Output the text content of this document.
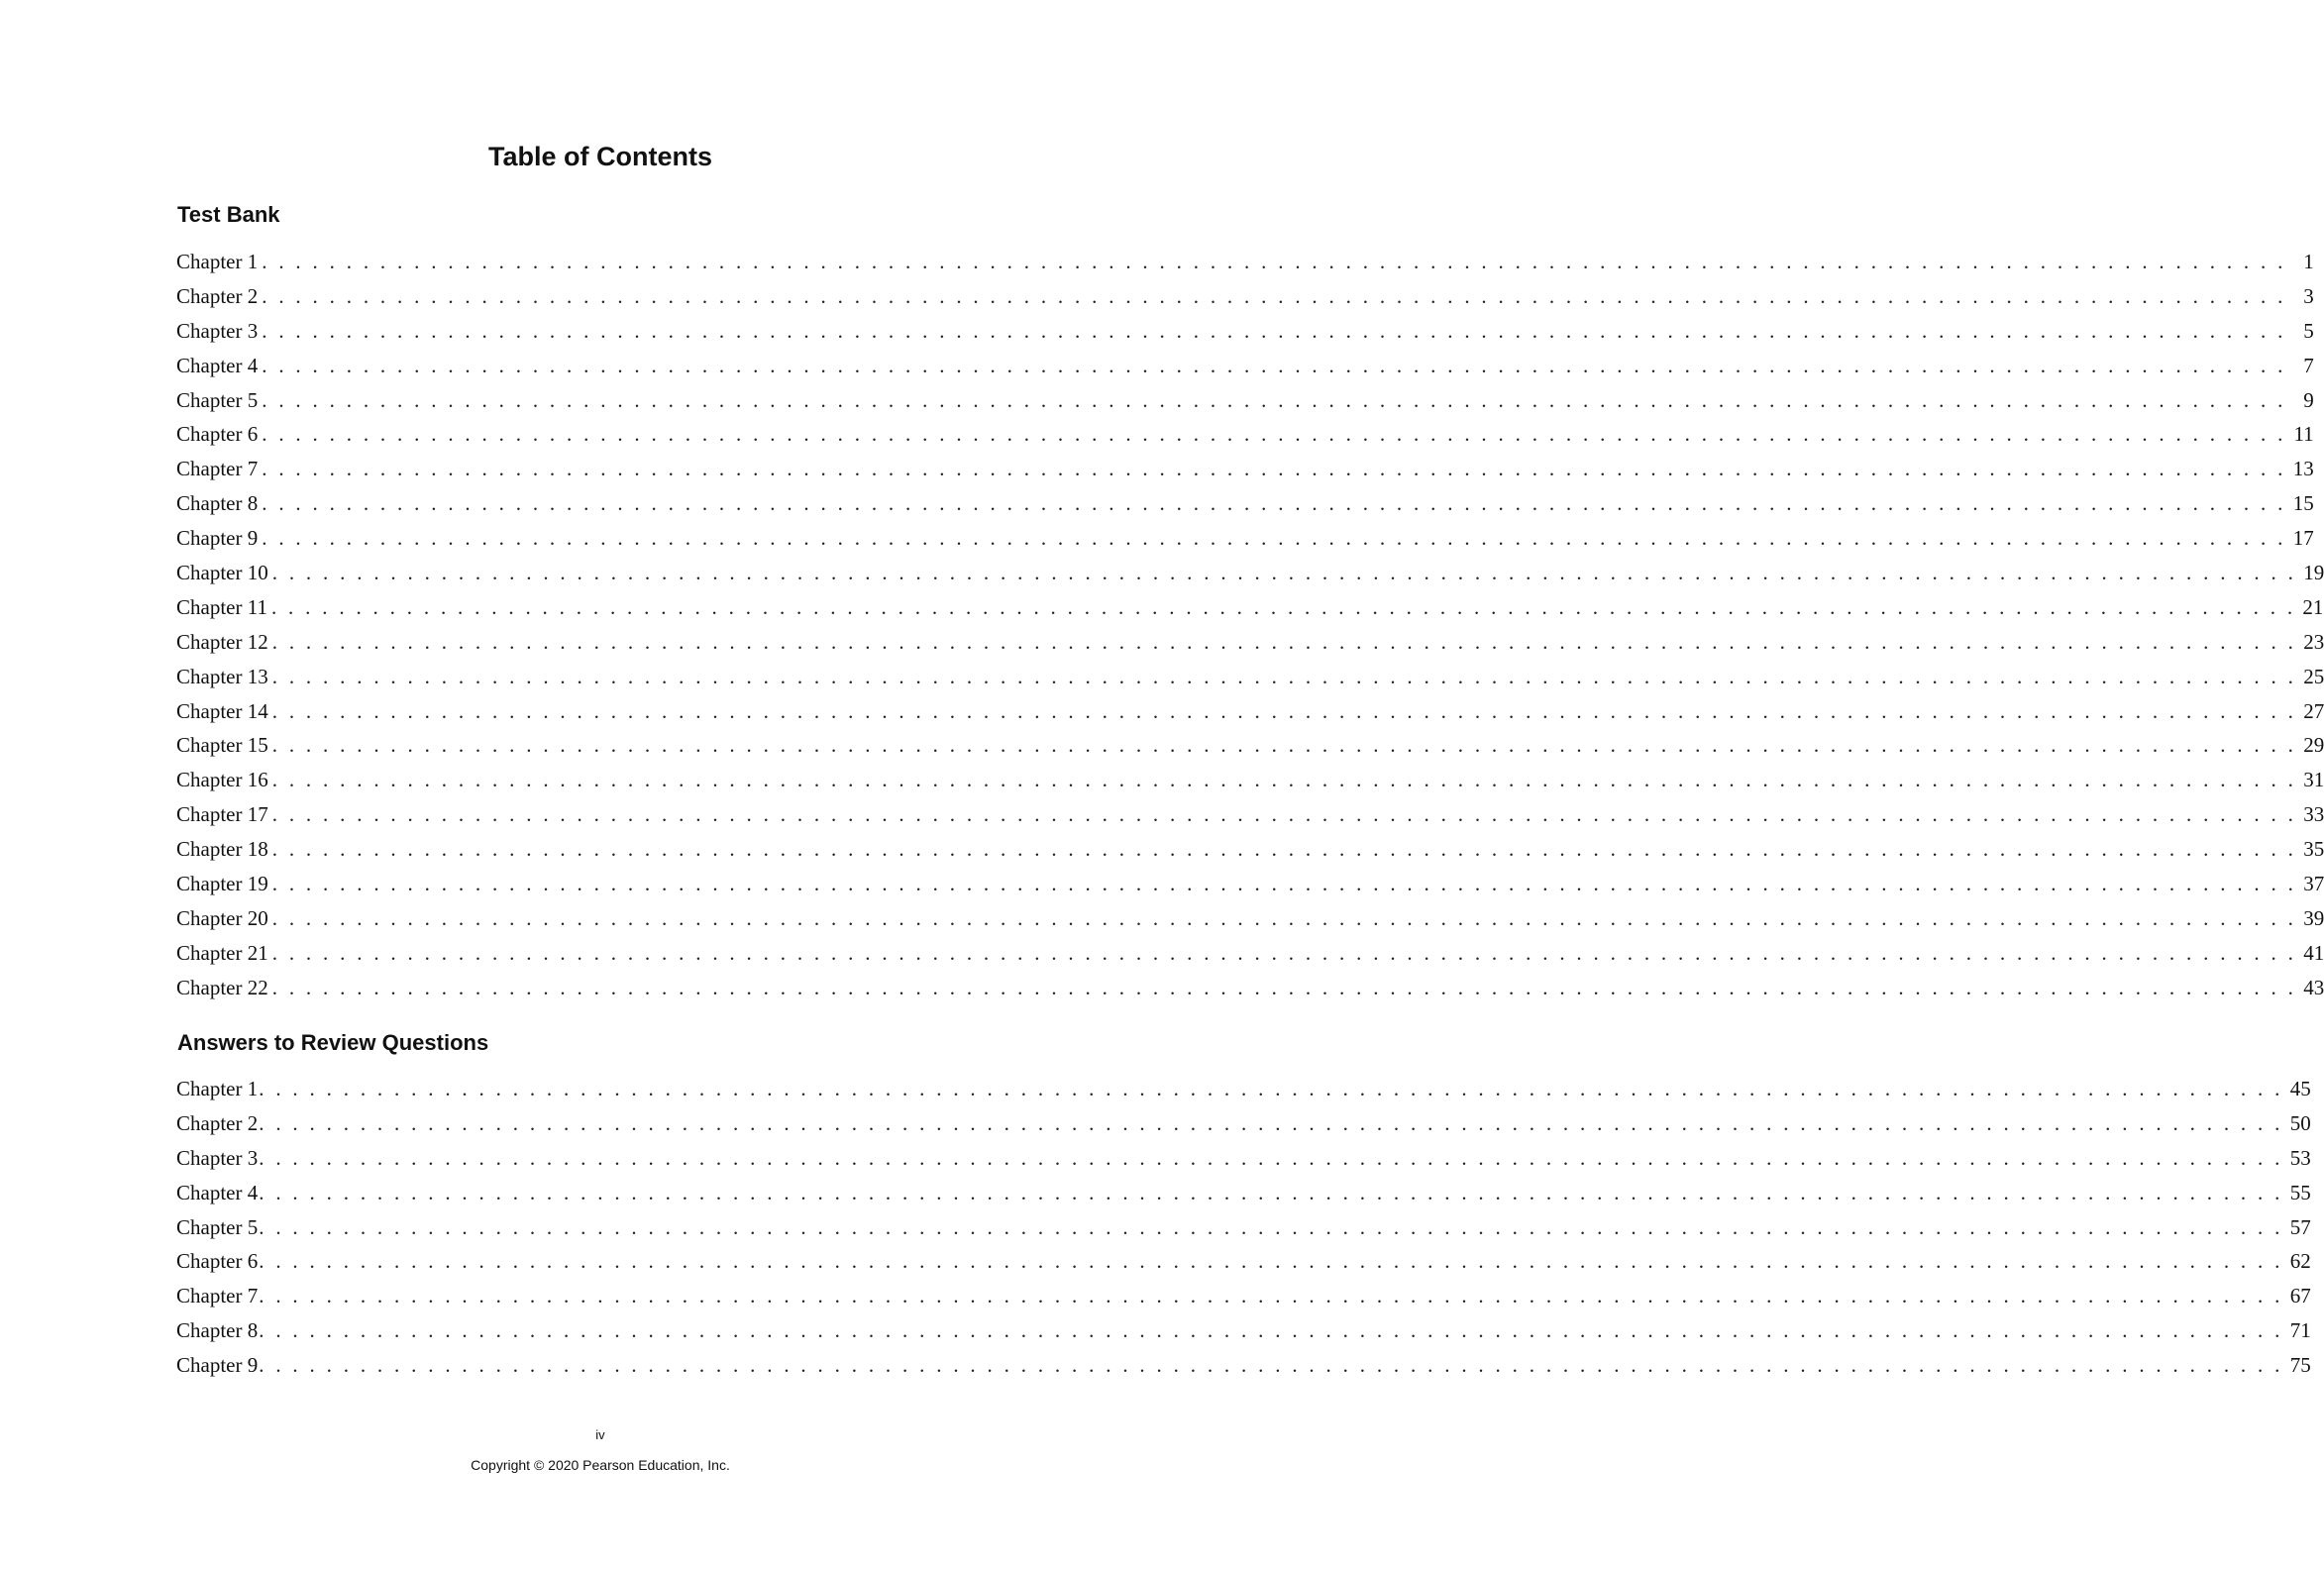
Table of Contents
Test Bank
Chapter 1 . . . . . . . . . . . . . . . . . . . . . . . . . . . . . . . . . . . . . . . . . . . . . . . . . . . . . . . . . . . . . . . . . . . . . . . . . . . . . . . . . . . . . . . . . . . . . . . . . . . . . . . . . . . . . . . . . . . . . . . . 1
Chapter 2 . . . . . . . . . . . . . . . . . . . . . . . . . . . . . . . . . . . . . . . . . . . . . . . . . . . . . . . . . . . . . . . . . . . . . . . . . . . . . . . . . . . . . . . . . . . . . . . . . . . . . . . . . . . . . . . . . . . . . . . . 3
Chapter 3 . . . . . . . . . . . . . . . . . . . . . . . . . . . . . . . . . . . . . . . . . . . . . . . . . . . . . . . . . . . . . . . . . . . . . . . . . . . . . . . . . . . . . . . . . . . . . . . . . . . . . . . . . . . . . . . . . . . . . . . . 5
Chapter 4 . . . . . . . . . . . . . . . . . . . . . . . . . . . . . . . . . . . . . . . . . . . . . . . . . . . . . . . . . . . . . . . . . . . . . . . . . . . . . . . . . . . . . . . . . . . . . . . . . . . . . . . . . . . . . . . . . . . . . . . . 7
Chapter 5 . . . . . . . . . . . . . . . . . . . . . . . . . . . . . . . . . . . . . . . . . . . . . . . . . . . . . . . . . . . . . . . . . . . . . . . . . . . . . . . . . . . . . . . . . . . . . . . . . . . . . . . . . . . . . . . . . . . . . . . . 9
Chapter 6 . . . . . . . . . . . . . . . . . . . . . . . . . . . . . . . . . . . . . . . . . . . . . . . . . . . . . . . . . . . . . . . . . . . . . . . . . . . . . . . . . . . . . . . . . . . . . . . . . . . . . . . . . . . . . . . . . . . . . . . . 11
Chapter 7 . . . . . . . . . . . . . . . . . . . . . . . . . . . . . . . . . . . . . . . . . . . . . . . . . . . . . . . . . . . . . . . . . . . . . . . . . . . . . . . . . . . . . . . . . . . . . . . . . . . . . . . . . . . . . . . . . . . . . . . . 13
Chapter 8 . . . . . . . . . . . . . . . . . . . . . . . . . . . . . . . . . . . . . . . . . . . . . . . . . . . . . . . . . . . . . . . . . . . . . . . . . . . . . . . . . . . . . . . . . . . . . . . . . . . . . . . . . . . . . . . . . . . . . . . . 15
Chapter 9 . . . . . . . . . . . . . . . . . . . . . . . . . . . . . . . . . . . . . . . . . . . . . . . . . . . . . . . . . . . . . . . . . . . . . . . . . . . . . . . . . . . . . . . . . . . . . . . . . . . . . . . . . . . . . . . . . . . . . . . . 17
Chapter 10 . . . . . . . . . . . . . . . . . . . . . . . . . . . . . . . . . . . . . . . . . . . . . . . . . . . . . . . . . . . . . . . . . . . . . . . . . . . . . . . . . . . . . . . . . . . . . . . . . . . . . . . . . . . . . . . . . . . . . . . . 19
Chapter 11 . . . . . . . . . . . . . . . . . . . . . . . . . . . . . . . . . . . . . . . . . . . . . . . . . . . . . . . . . . . . . . . . . . . . . . . . . . . . . . . . . . . . . . . . . . . . . . . . . . . . . . . . . . . . . . . . . . . . . . . . 21
Chapter 12 . . . . . . . . . . . . . . . . . . . . . . . . . . . . . . . . . . . . . . . . . . . . . . . . . . . . . . . . . . . . . . . . . . . . . . . . . . . . . . . . . . . . . . . . . . . . . . . . . . . . . . . . . . . . . . . . . . . . . . . . 23
Chapter 13 . . . . . . . . . . . . . . . . . . . . . . . . . . . . . . . . . . . . . . . . . . . . . . . . . . . . . . . . . . . . . . . . . . . . . . . . . . . . . . . . . . . . . . . . . . . . . . . . . . . . . . . . . . . . . . . . . . . . . . . . 25
Chapter 14 . . . . . . . . . . . . . . . . . . . . . . . . . . . . . . . . . . . . . . . . . . . . . . . . . . . . . . . . . . . . . . . . . . . . . . . . . . . . . . . . . . . . . . . . . . . . . . . . . . . . . . . . . . . . . . . . . . . . . . . . 27
Chapter 15 . . . . . . . . . . . . . . . . . . . . . . . . . . . . . . . . . . . . . . . . . . . . . . . . . . . . . . . . . . . . . . . . . . . . . . . . . . . . . . . . . . . . . . . . . . . . . . . . . . . . . . . . . . . . . . . . . . . . . . . . 29
Chapter 16 . . . . . . . . . . . . . . . . . . . . . . . . . . . . . . . . . . . . . . . . . . . . . . . . . . . . . . . . . . . . . . . . . . . . . . . . . . . . . . . . . . . . . . . . . . . . . . . . . . . . . . . . . . . . . . . . . . . . . . . . 31
Chapter 17 . . . . . . . . . . . . . . . . . . . . . . . . . . . . . . . . . . . . . . . . . . . . . . . . . . . . . . . . . . . . . . . . . . . . . . . . . . . . . . . . . . . . . . . . . . . . . . . . . . . . . . . . . . . . . . . . . . . . . . . . 33
Chapter 18 . . . . . . . . . . . . . . . . . . . . . . . . . . . . . . . . . . . . . . . . . . . . . . . . . . . . . . . . . . . . . . . . . . . . . . . . . . . . . . . . . . . . . . . . . . . . . . . . . . . . . . . . . . . . . . . . . . . . . . . . 35
Chapter 19 . . . . . . . . . . . . . . . . . . . . . . . . . . . . . . . . . . . . . . . . . . . . . . . . . . . . . . . . . . . . . . . . . . . . . . . . . . . . . . . . . . . . . . . . . . . . . . . . . . . . . . . . . . . . . . . . . . . . . . . . 37
Chapter 20 . . . . . . . . . . . . . . . . . . . . . . . . . . . . . . . . . . . . . . . . . . . . . . . . . . . . . . . . . . . . . . . . . . . . . . . . . . . . . . . . . . . . . . . . . . . . . . . . . . . . . . . . . . . . . . . . . . . . . . . . 39
Chapter 21 . . . . . . . . . . . . . . . . . . . . . . . . . . . . . . . . . . . . . . . . . . . . . . . . . . . . . . . . . . . . . . . . . . . . . . . . . . . . . . . . . . . . . . . . . . . . . . . . . . . . . . . . . . . . . . . . . . . . . . . . 41
Chapter 22 . . . . . . . . . . . . . . . . . . . . . . . . . . . . . . . . . . . . . . . . . . . . . . . . . . . . . . . . . . . . . . . . . . . . . . . . . . . . . . . . . . . . . . . . . . . . . . . . . . . . . . . . . . . . . . . . . . . . . . . . 43
Answers to Review Questions
Chapter 1 . . . . . . . . . . . . . . . . . . . . . . . . . . . . . . . . . . . . . . . . . . . . . . . . . . . . . . . . . . . . . . . . . . . . . . . . . . . . . . . . . . . . . . . . . . . . . . . . . . . . . . . . . . . . . . . . . . . . . . . . 45
Chapter 2 . . . . . . . . . . . . . . . . . . . . . . . . . . . . . . . . . . . . . . . . . . . . . . . . . . . . . . . . . . . . . . . . . . . . . . . . . . . . . . . . . . . . . . . . . . . . . . . . . . . . . . . . . . . . . . . . . . . . . . . . 50
Chapter 3 . . . . . . . . . . . . . . . . . . . . . . . . . . . . . . . . . . . . . . . . . . . . . . . . . . . . . . . . . . . . . . . . . . . . . . . . . . . . . . . . . . . . . . . . . . . . . . . . . . . . . . . . . . . . . . . . . . . . . . . . 53
Chapter 4 . . . . . . . . . . . . . . . . . . . . . . . . . . . . . . . . . . . . . . . . . . . . . . . . . . . . . . . . . . . . . . . . . . . . . . . . . . . . . . . . . . . . . . . . . . . . . . . . . . . . . . . . . . . . . . . . . . . . . . . . 55
Chapter 5 . . . . . . . . . . . . . . . . . . . . . . . . . . . . . . . . . . . . . . . . . . . . . . . . . . . . . . . . . . . . . . . . . . . . . . . . . . . . . . . . . . . . . . . . . . . . . . . . . . . . . . . . . . . . . . . . . . . . . . . . 57
Chapter 6 . . . . . . . . . . . . . . . . . . . . . . . . . . . . . . . . . . . . . . . . . . . . . . . . . . . . . . . . . . . . . . . . . . . . . . . . . . . . . . . . . . . . . . . . . . . . . . . . . . . . . . . . . . . . . . . . . . . . . . . . 62
Chapter 7 . . . . . . . . . . . . . . . . . . . . . . . . . . . . . . . . . . . . . . . . . . . . . . . . . . . . . . . . . . . . . . . . . . . . . . . . . . . . . . . . . . . . . . . . . . . . . . . . . . . . . . . . . . . . . . . . . . . . . . . . 67
Chapter 8 . . . . . . . . . . . . . . . . . . . . . . . . . . . . . . . . . . . . . . . . . . . . . . . . . . . . . . . . . . . . . . . . . . . . . . . . . . . . . . . . . . . . . . . . . . . . . . . . . . . . . . . . . . . . . . . . . . . . . . . . 71
Chapter 9 . . . . . . . . . . . . . . . . . . . . . . . . . . . . . . . . . . . . . . . . . . . . . . . . . . . . . . . . . . . . . . . . . . . . . . . . . . . . . . . . . . . . . . . . . . . . . . . . . . . . . . . . . . . . . . . . . . . . . . . . 75
iv
Copyright © 2020 Pearson Education, Inc.
